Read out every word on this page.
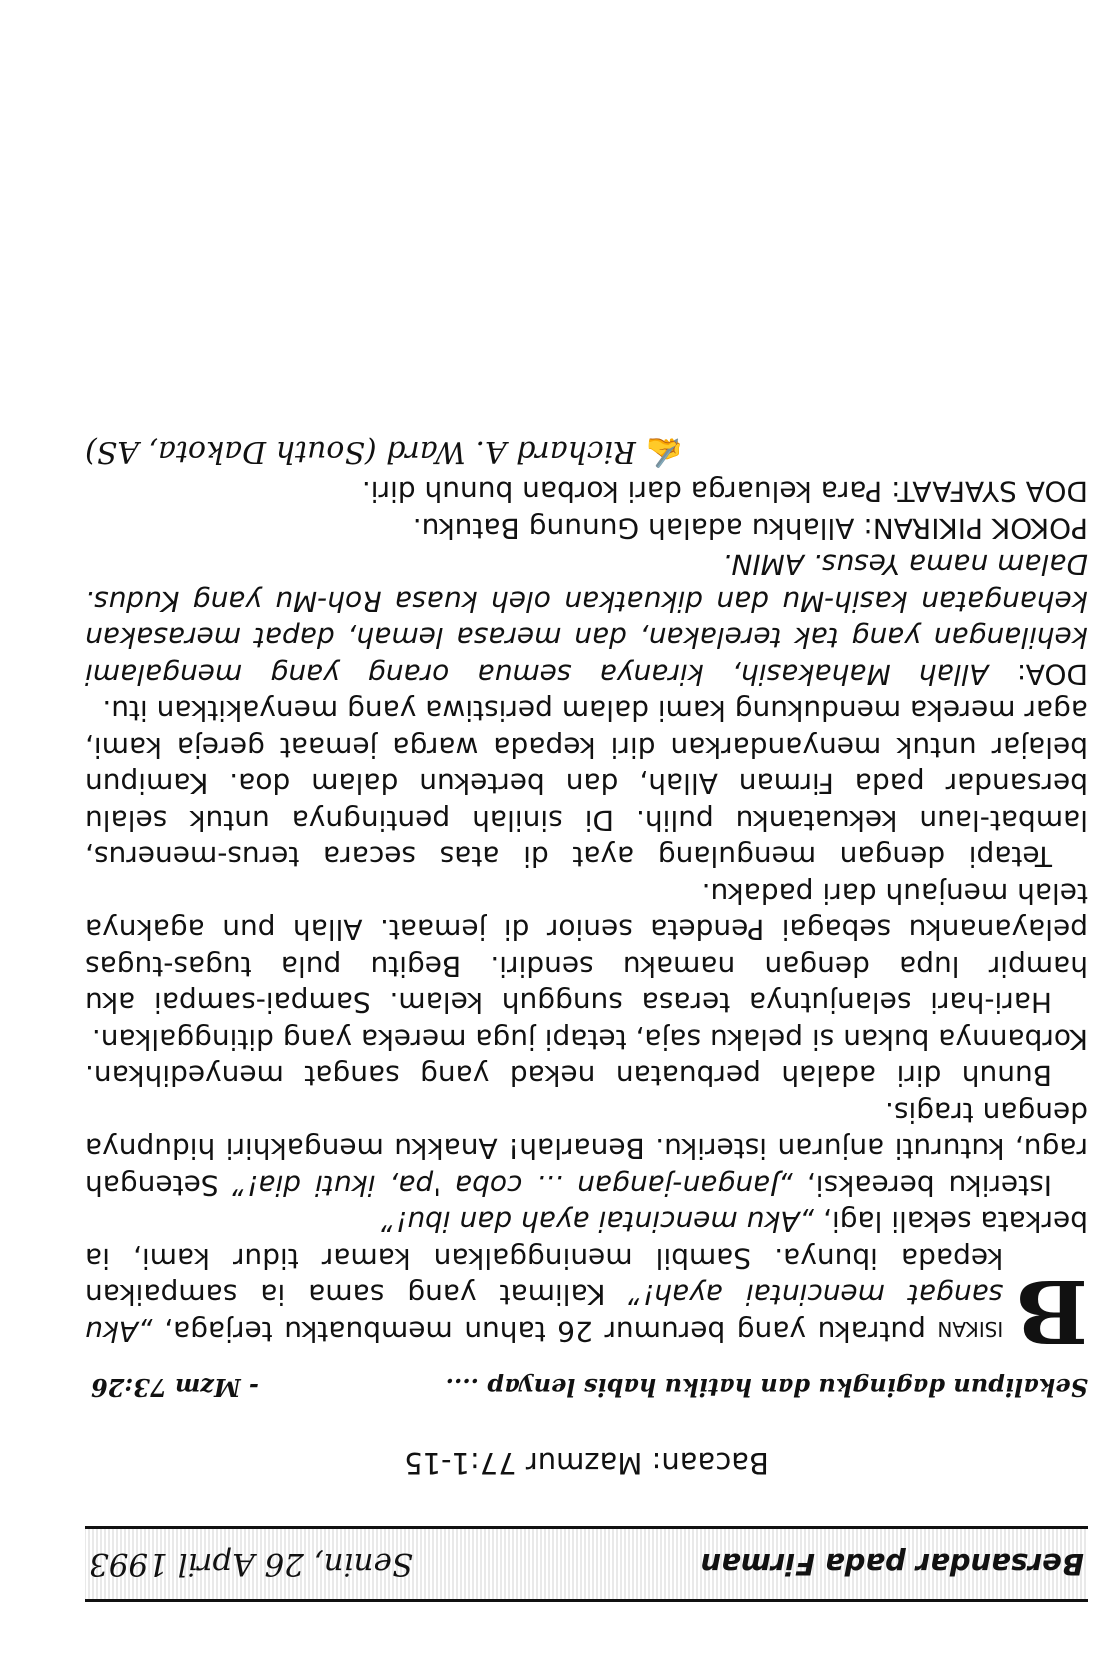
Bersandar pada Firman
Senin, 26 April 1993
Bacaan: Mazmur 77:1-15
Sekalipun dagingku dan hatiku habis lenyap ....
- Mzm 73:26

B
isikan putraku yang berumur 26 tahun membuatku terjaga, „Aku sangat mencintai ayah!” Kalimat yang sama ia sampaikan kepada ibunya. Sambil meninggalkan kamar tidur kami, ia berkata sekali lagi, „Aku mencintai ayah dan ibu!”

Isteriku bereaksi, „Jangan-jangan ... coba 'pa, ikuti dia!” Setengah ragu, kuturuti anjuran isteriku. Benarlah! Anakku mengakhiri hidupnya dengan tragis.

Bunuh diri adalah perbuatan nekad yang sangat menyedihkan. Korbannya bukan si pelaku saja, tetapi juga mereka yang ditinggalkan.

Hari-hari selanjutnya terasa sungguh kelam. Sampai-sampai aku hampir lupa dengan namaku sendiri. Begitu pula tugas-tugas pelayananku sebagai Pendeta senior di jemaat. Allah pun agaknya telah menjauh dari padaku.

Tetapi dengan mengulang ayat di atas secara terus-menerus, lambat-laun kekuatanku pulih. Di sinilah pentingnya untuk selalu bersandar pada Firman Allah, dan bertekun dalam doa. Kamipun belajar untuk menyandarkan diri kepada warga jemaat gereja kami, agar mereka mendukung kami dalam peristiwa yang menyakitkan itu.

DOA: Allah Mahakasih, kiranya semua orang yang mengalami kehilangan yang tak terelakan, dan merasa lemah, dapat merasakan kehangatan kasih-Mu dan dikuatkan oleh kuasa Roh-Mu yang Kudus. Dalam nama Yesus. AMIN.

POKOK PIKIRAN: Allahku adalah Gunung Batuku.

DOA SYAFAAT: Para keluarga dari korban bunuh diri.

✍Richard A. Ward (South Dakota, AS)
